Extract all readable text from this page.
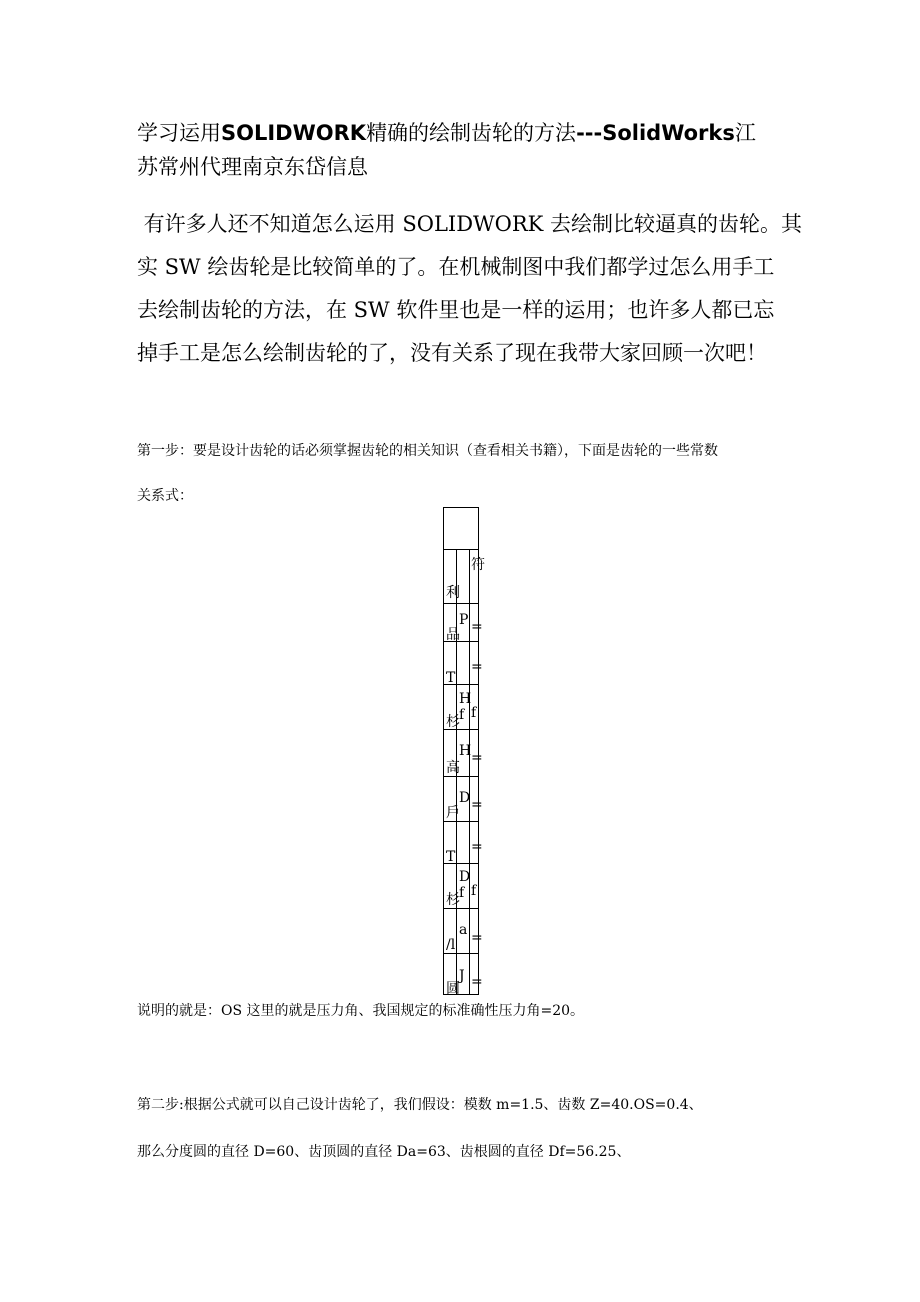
学习运用SOLIDWORK精确的绘制齿轮的方法---SolidWorks江
苏常州代理南京东岱信息
有许多人还不知道怎么运用 SOLIDWORK 去绘制比较逼真的齿轮。其
实 SW 绘齿轮是比较简单的了。在机械制图中我们都学过怎么用手工
去绘制齿轮的方法，在 SW 软件里也是一样的运用；也许多人都已忘
掉手工是怎么绘制齿轮的了，没有关系了现在我带大家回顾一次吧！
第一步：要是设计齿轮的话必须掌握齿轮的相关知识（查看相关书籍），下面是齿轮的一些常数
关系式：
符
利
P =
品
=
T
H
f f
杉
H =
高
D =
戶
=
T
D
f f
杉
a =
/l
J =
圆
说明的就是：OS 这里的就是压力角、我国规定的标准确性压力角=20。
第二步:根据公式就可以自己设计齿轮了，我们假设：模数 m=1.5、齿数 Z=40.OS=0.4、
那么分度圆的直径 D=60、齿顶圆的直径 Da=63、齿根圆的直径 Df=56.25、
